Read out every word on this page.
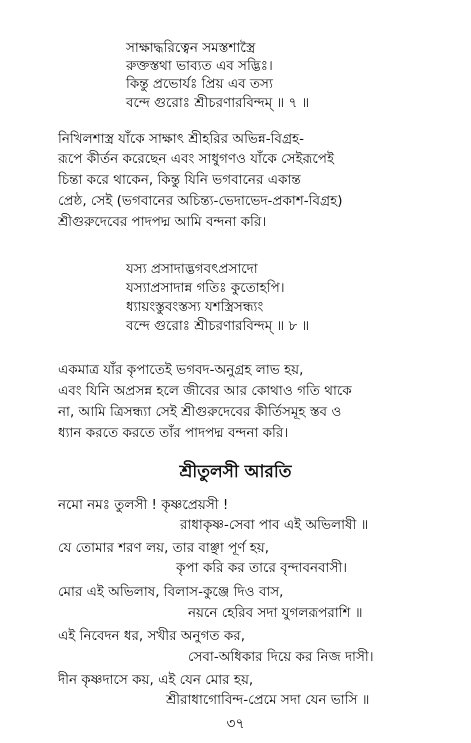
সাক্ষাদ্ধরিত্বেন সমস্তশাস্ত্রৈ
রুক্তস্তথা ভাব্যত এব সদ্ভিঃ।
কিন্তু প্রভোর্যঃ প্রিয় এব তস্য
বন্দে গুরোঃ শ্রীচরণারবিন্দম্ ॥ ৭ ॥
নিখিলশাস্ত্র যাঁকে সাক্ষাৎ শ্রীহরির অভিন্ন-বিগ্রহ-
রূপে কীর্তন করেছেন এবং সাধুগণও যাঁকে সেইরূপেই
চিন্তা করে থাকেন, কিন্তু যিনি ভগবানের একান্ত
প্রেষ্ঠ, সেই (ভগবানের অচিন্ত্য-ভেদাভেদ-প্রকাশ-বিগ্রহ)
শ্রীগুরুদেবের পাদপদ্ম আমি বন্দনা করি।
যস্য প্রসাদাদ্ভগবৎপ্রসাদো
যস্যাপ্রসাদান্ন গতিঃ কুতোহপি।
ধ্যায়ংস্তুবংস্তস্য যশস্ত্রিসন্ধ্যং
বন্দে গুরোঃ শ্রীচরণারবিন্দম্ ॥ ৮ ॥
একমাত্র যাঁর কৃপাতেই ভগবদ-অনুগ্রহ লাভ হয়,
এবং যিনি অপ্রসন্ন হলে জীবের আর কোথাও গতি থাকে
না, আমি ত্রিসন্ধ্যা সেই শ্রীগুরুদেবের কীর্তিসমূহ স্তব ও
ধ্যান করতে করতে তাঁর পাদপদ্ম বন্দনা করি।
শ্রীতুলসী আরতি
নমো নমঃ তুলসী ! কৃষ্ণপ্রেয়সী !
রাধাকৃষ্ণ-সেবা পাব এই অভিলাষী ॥
যে তোমার শরণ লয়, তার বাঞ্ছা পূর্ণ হয়,
কৃপা করি কর তারে বৃন্দাবনবাসী।
মোর এই অভিলাষ, বিলাস-কুঞ্জে দিও বাস,
নয়নে হেরিব সদা যুগলরূপরাশি ॥
এই নিবেদন ধর, সখীর অনুগত কর,
সেবা-অধিকার দিয়ে কর নিজ দাসী।
দীন কৃষ্ণদাসে কয়, এই যেন মোর হয়,
শ্রীরাধাগোবিন্দ-প্রেমে সদা যেন ভাসি ॥
৩৭
